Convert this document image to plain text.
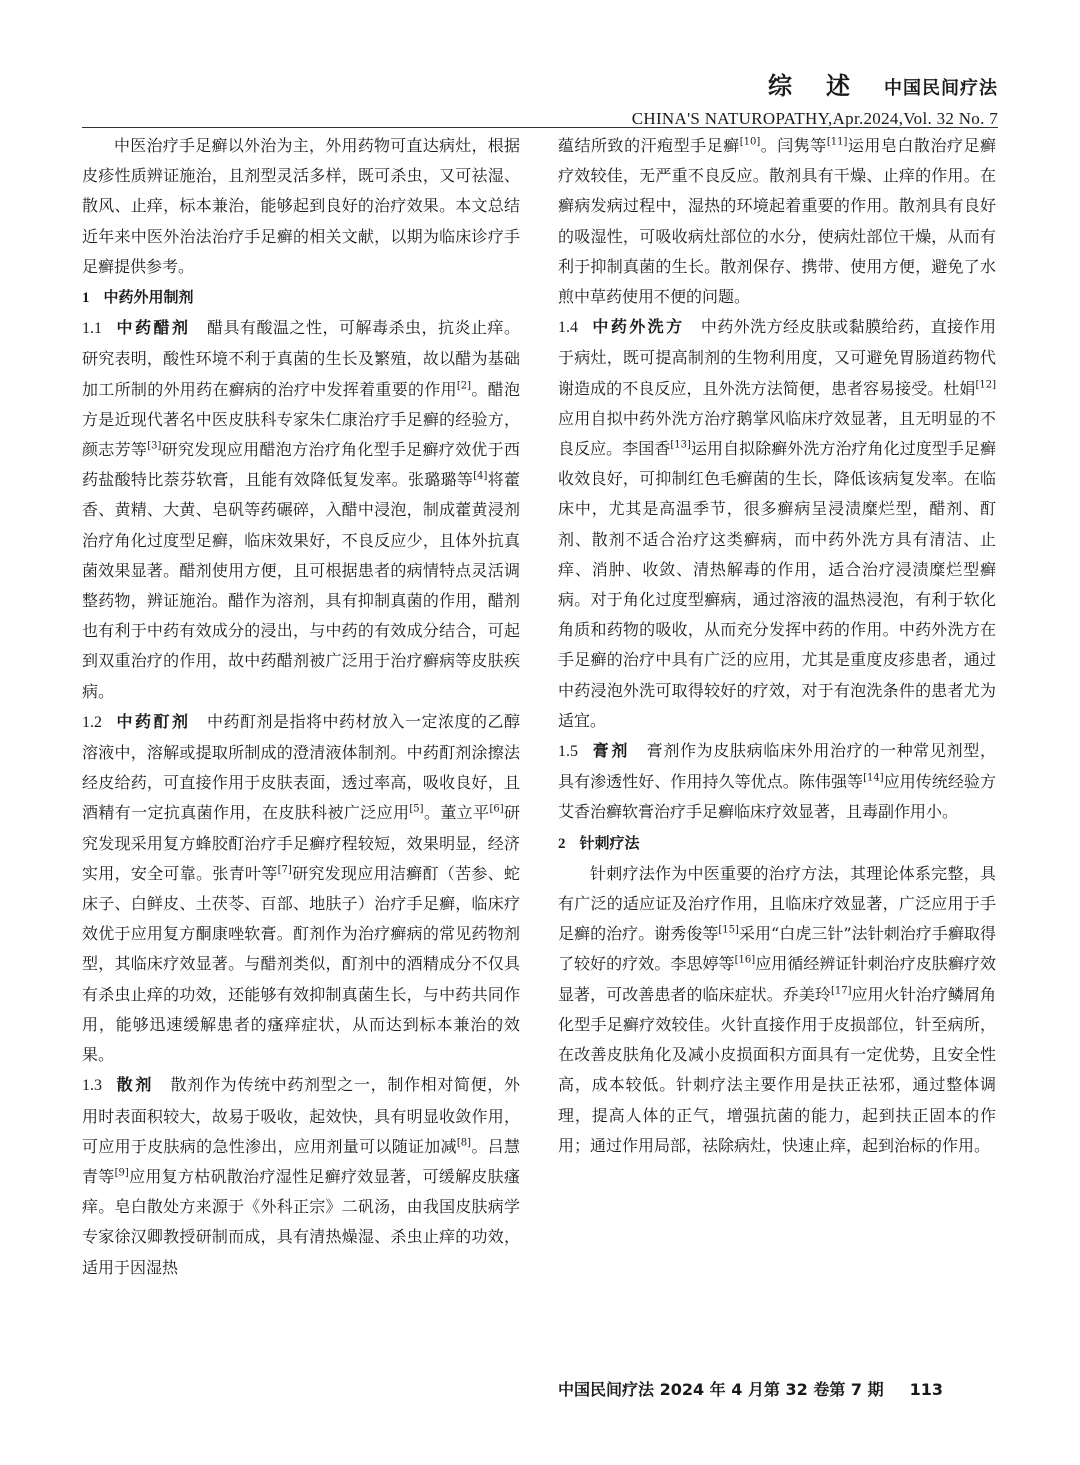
综述中国民间疗法
CHINA'S NATUROPATHY,Apr.2024,Vol. 32 No. 7

中医治疗手足癣以外治为主，外用药物可直达病灶，根据皮疹性质辨证施治，且剂型灵活多样，既可杀虫，又可祛湿、散风、止痒，标本兼治，能够起到良好的治疗效果。本文总结近年来中医外治法治疗手足癣的相关文献，以期为临床诊疗手足癣提供参考。

1 中药外用制剂

1.1 中药醋剂　 醋具有酸温之性，可解毒杀虫，抗炎止痒。研究表明，酸性环境不利于真菌的生长及繁殖，故以醋为基础加工所制的外用药在癣病的治疗中发挥着重要的作用[2]。醋泡方是近现代著名中医皮肤科专家朱仁康治疗手足癣的经验方，颜志芳等[3]研究发现应用醋泡方治疗角化型手足癣疗效优于西药盐酸特比萘芬软膏，且能有效降低复发率。张璐璐等[4]将藿香、黄精、大黄、皂矾等药碾碎，入醋中浸泡，制成藿黄浸剂治疗角化过度型足癣，临床效果好，不良反应少，且体外抗真菌效果显著。醋剂使用方便，且可根据患者的病情特点灵活调整药物，辨证施治。醋作为溶剂，具有抑制真菌的作用，醋剂也有利于中药有效成分的浸出，与中药的有效成分结合，可起到双重治疗的作用，故中药醋剂被广泛用于治疗癣病等皮肤疾病。

1.2 中药酊剂　 中药酊剂是指将中药材放入一定浓度的乙醇溶液中，溶解或提取所制成的澄清液体制剂。中药酊剂涂擦法经皮给药，可直接作用于皮肤表面，透过率高，吸收良好，且酒精有一定抗真菌作用，在皮肤科被广泛应用[5]。董立平[6]研究发现采用复方蜂胶酊治疗手足癣疗程较短，效果明显，经济实用，安全可靠。张青叶等[7]研究发现应用洁癣酊（苦参、蛇床子、白鲜皮、土茯苓、百部、地肤子）治疗手足癣，临床疗效优于应用复方酮康唑软膏。酊剂作为治疗癣病的常见药物剂型，其临床疗效显著。与醋剂类似，酊剂中的酒精成分不仅具有杀虫止痒的功效，还能够有效抑制真菌生长，与中药共同作用，能够迅速缓解患者的瘙痒症状，从而达到标本兼治的效果。

1.3 散剂　 散剂作为传统中药剂型之一，制作相对简便，外用时表面积较大，故易于吸收，起效快，具有明显收敛作用，可应用于皮肤病的急性渗出，应用剂量可以随证加减[8]。吕慧青等[9]应用复方枯矾散治疗湿性足癣疗效显著，可缓解皮肤瘙痒。皂白散处方来源于《外科正宗》二矾汤，由我国皮肤病学专家徐汉卿教授研制而成，具有清热燥湿、杀虫止痒的功效，适用于因湿热

蕴结所致的汗疱型手足癣[10]。闫隽等[11]运用皂白散治疗足癣疗效较佳，无严重不良反应。散剂具有干燥、止痒的作用。在癣病发病过程中，湿热的环境起着重要的作用。散剂具有良好的吸湿性，可吸收病灶部位的水分，使病灶部位干燥，从而有利于抑制真菌的生长。散剂保存、携带、使用方便，避免了水煎中草药使用不便的问题。

1.4 中药外洗方　 中药外洗方经皮肤或黏膜给药，直接作用于病灶，既可提高制剂的生物利用度，又可避免胃肠道药物代谢造成的不良反应，且外洗方法简便，患者容易接受。杜娟[12]应用自拟中药外洗方治疗鹅掌风临床疗效显著，且无明显的不良反应。李国香[13]运用自拟除癣外洗方治疗角化过度型手足癣收效良好，可抑制红色毛癣菌的生长，降低该病复发率。在临床中，尤其是高温季节，很多癣病呈浸渍糜烂型，醋剂、酊剂、散剂不适合治疗这类癣病，而中药外洗方具有清洁、止痒、消肿、收敛、清热解毒的作用，适合治疗浸渍糜烂型癣病。对于角化过度型癣病，通过溶液的温热浸泡，有利于软化角质和药物的吸收，从而充分发挥中药的作用。中药外洗方在手足癣的治疗中具有广泛的应用，尤其是重度皮疹患者，通过中药浸泡外洗可取得较好的疗效，对于有泡洗条件的患者尤为适宜。

1.5 膏剂　 膏剂作为皮肤病临床外用治疗的一种常见剂型，具有渗透性好、作用持久等优点。陈伟强等[14]应用传统经验方艾香治癣软膏治疗手足癣临床疗效显著，且毒副作用小。

2 针刺疗法

针刺疗法作为中医重要的治疗方法，其理论体系完整，具有广泛的适应证及治疗作用，且临床疗效显著，广泛应用于手足癣的治疗。谢秀俊等[15]采用“白虎三针”法针刺治疗手癣取得了较好的疗效。李思婷等[16]应用循经辨证针刺治疗皮肤癣疗效显著，可改善患者的临床症状。乔美玲[17]应用火针治疗鳞屑角化型手足癣疗效较佳。火针直接作用于皮损部位，针至病所，在改善皮肤角化及减小皮损面积方面具有一定优势，且安全性高，成本较低。针刺疗法主要作用是扶正祛邪，通过整体调理，提高人体的正气，增强抗菌的能力，起到扶正固本的作用；通过作用局部，祛除病灶，快速止痒，起到治标的作用。

中国民间疗法 2024 年 4 月第 32 卷第 7 期 113
